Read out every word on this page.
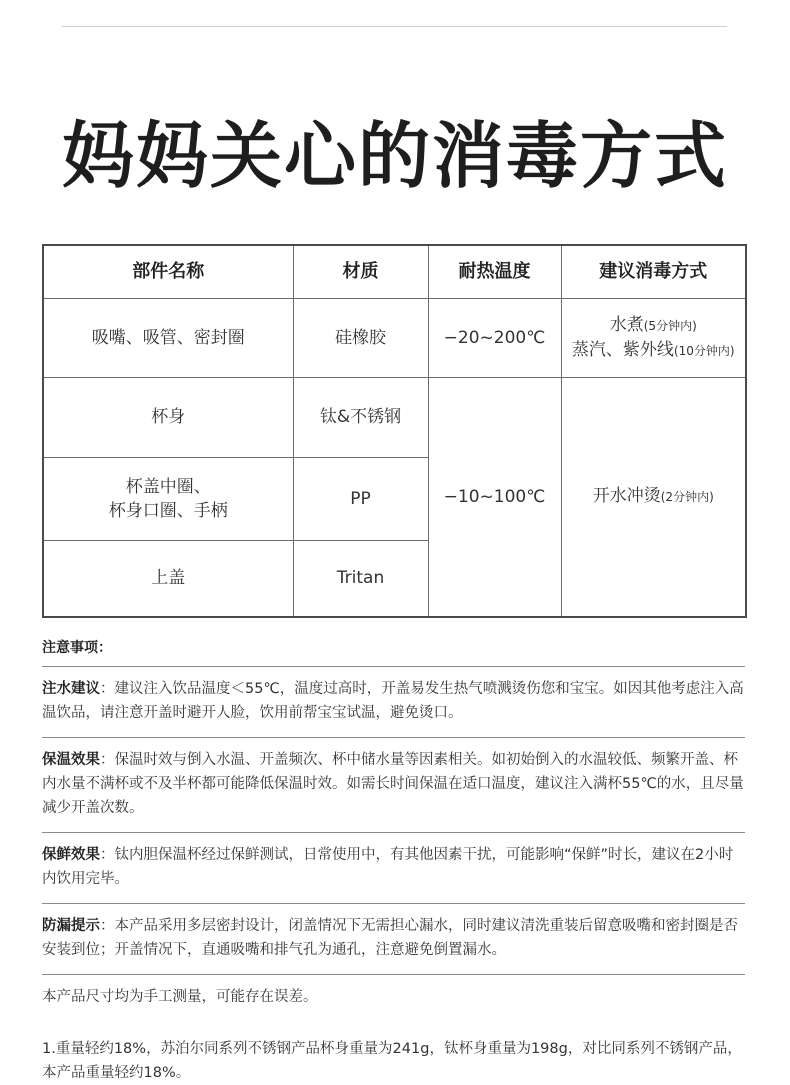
妈妈关心的消毒方式
部件名称	材质	耐热温度	建议消毒方式
吸嘴、吸管、密封圈	硅橡胶	−20~200℃	水煮(5分钟内)
蒸汽、紫外线(10分钟内)

杯身	钛&不锈钢	−10~100℃	开水冲烫(2分钟内)

杯盖中圈、
杯身口圈、手柄	PP		
上盖	Tritan		
注意事项：
注水建议：建议注入饮品温度＜55℃，温度过高时，开盖易发生热气喷溅烫伤您和宝宝。如因其他考虑注入高温饮品，请注意开盖时避开人脸，饮用前帮宝宝试温，避免烫口。
保温效果：保温时效与倒入水温、开盖频次、杯中储水量等因素相关。如初始倒入的水温较低、频繁开盖、杯内水量不满杯或不及半杯都可能降低保温时效。如需长时间保温在适口温度，建议注入满杯55℃的水，且尽量减少开盖次数。
保鲜效果：钛内胆保温杯经过保鲜测试，日常使用中，有其他因素干扰，可能影响“保鲜”时长，建议在2小时内饮用完毕。
防漏提示：本产品采用多层密封设计，闭盖情况下无需担心漏水，同时建议清洗重装后留意吸嘴和密封圈是否安装到位；开盖情况下，直通吸嘴和排气孔为通孔，注意避免倒置漏水。
本产品尺寸均为手工测量，可能存在误差。
1.重量轻约18%，苏泊尔同系列不锈钢产品杯身重量为241g，钛杯身重量为198g，对比同系列不锈钢产品，本产品重量轻约18%。
